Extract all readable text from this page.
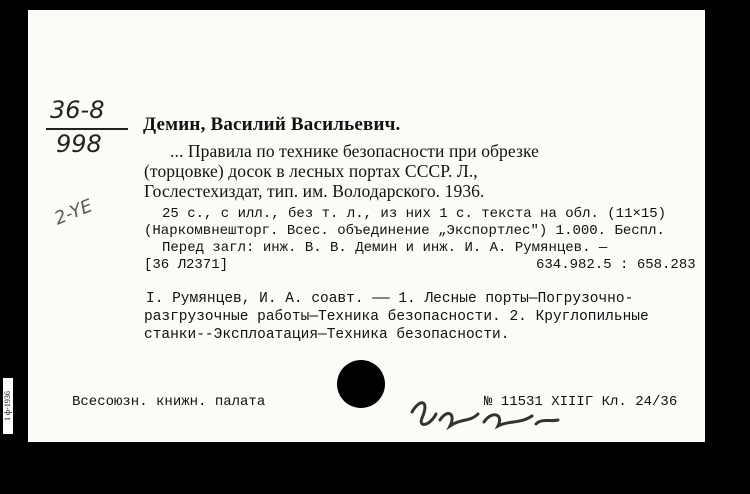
36-8
998
2-YE
Демин, Василий Васильевич.
... Правила по технике безопасности при обрезке
(торцовке) досок в лесных портах СССР. Л.,
Гослестехиздат, тип. им. Володарского. 1936.
25 с., с илл., без т. л., из них 1 с. текста на обл. (11×15)
(Наркомвнешторг. Всес. объединение „Экспортлес") 1.000. Беспл.
Перед загл: инж. В. В. Демин и инж. И. А. Румянцев. —
[36 Л2371]	634.982.5 : 658.283
I. Румянцев, И. А. соавт. —— 1. Лесные порты—Погрузочно-
разгрузочные работы—Техника безопасности. 2. Круглопильные
станки--Эксплоатация—Техника безопасности.
Всесоюзн. книжн. палата	№ 11531 XIIIГ Кл. 24/36
1 ф-1936
